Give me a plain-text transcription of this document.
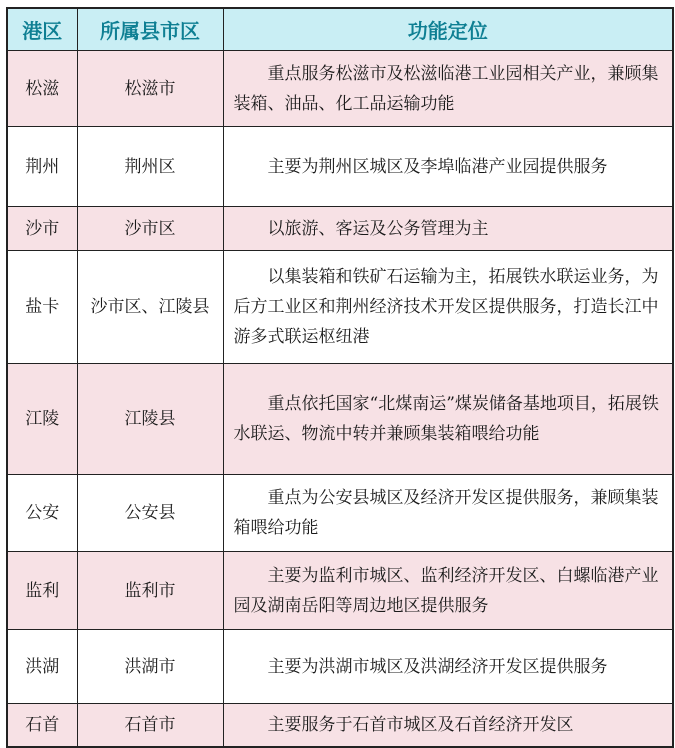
港区	所属县市区	功能定位
松滋	松滋市	重点服务松滋市及松滋临港工业园相关产业，兼顾集装箱、油品、化工品运输功能

荆州	荆州区	主要为荆州区城区及李埠临港产业园提供服务

沙市	沙市区	以旅游、客运及公务管理为主

盐卡	沙市区、江陵县	以集装箱和铁矿石运输为主，拓展铁水联运业务，为后方工业区和荆州经济技术开发区提供服务，打造长江中游多式联运枢纽港

江陵	江陵县	重点依托国家“北煤南运”煤炭储备基地项目，拓展铁水联运、物流中转并兼顾集装箱喂给功能

公安	公安县	重点为公安县城区及经济开发区提供服务，兼顾集装箱喂给功能

监利	监利市	主要为监利市城区、监利经济开发区、白螺临港产业园及湖南岳阳等周边地区提供服务

洪湖	洪湖市	主要为洪湖市城区及洪湖经济开发区提供服务

石首	石首市	主要服务于石首市城区及石首经济开发区
